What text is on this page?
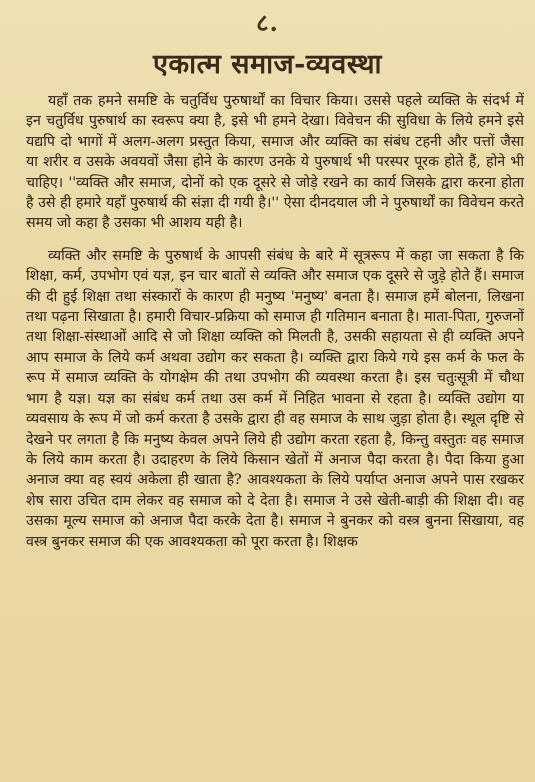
८.
एकात्म समाज-व्यवस्था

यहाँ तक हमने समष्टि के चतुर्विध पुरुषार्थों का विचार किया। उससे पहले व्यक्ति के संदर्भ में इन चतुर्विध पुरुषार्थ का स्वरूप क्या है, इसे भी हमने देखा। विवेचन की सुविधा के लिये हमने इसे यद्यपि दो भागों में अलग-अलग प्रस्तुत किया, समाज और व्यक्ति का संबंध टहनी और पत्तों जैसा या शरीर व उसके अवयवों जैसा होने के कारण उनके ये पुरुषार्थ भी परस्पर पूरक होते हैं, होने भी चाहिए। ''व्यक्ति और समाज, दोनों को एक दूसरे से जोड़े रखने का कार्य जिसके द्वारा करना होता है उसे ही हमारे यहाँ पुरुषार्थ की संज्ञा दी गयी है।'' ऐसा दीनदयाल जी ने पुरुषार्थों का विवेचन करते समय जो कहा है उसका भी आशय यही है।

व्यक्ति और समष्टि के पुरुषार्थ के आपसी संबंध के बारे में सूत्ररूप में कहा जा सकता है कि शिक्षा, कर्म, उपभोग एवं यज्ञ, इन चार बातों से व्यक्ति और समाज एक दूसरे से जुड़े होते हैं। समाज की दी हुई शिक्षा तथा संस्कारों के कारण ही मनुष्य 'मनुष्य' बनता है। समाज हमें बोलना, लिखना तथा पढ़ना सिखाता है। हमारी विचार-प्रक्रिया को समाज ही गतिमान बनाता है। माता-पिता, गुरुजनों तथा शिक्षा-संस्थाओं आदि से जो शिक्षा व्यक्ति को मिलती है, उसकी सहायता से ही व्यक्ति अपने आप समाज के लिये कर्म अथवा उद्योग कर सकता है। व्यक्ति द्वारा किये गये इस कर्म के फल के रूप में समाज व्यक्ति के योगक्षेम की तथा उपभोग की व्यवस्था करता है। इस चतुःसूत्री में चौथा भाग है यज्ञ। यज्ञ का संबंध कर्म तथा उस कर्म में निहित भावना से रहता है। व्यक्ति उद्योग या व्यवसाय के रूप में जो कर्म करता है उसके द्वारा ही वह समाज के साथ जुड़ा होता है। स्थूल दृष्टि से देखने पर लगता है कि मनुष्य केवल अपने लिये ही उद्योग करता रहता है, किन्तु वस्तुतः वह समाज के लिये काम करता है। उदाहरण के लिये किसान खेतों में अनाज पैदा करता है। पैदा किया हुआ अनाज क्या वह स्वयं अकेला ही खाता है? आवश्यकता के लिये पर्याप्त अनाज अपने पास रखकर शेष सारा उचित दाम लेकर वह समाज को दे देता है। समाज ने उसे खेती-बाड़ी की शिक्षा दी। वह उसका मूल्य समाज को अनाज पैदा करके देता है। समाज ने बुनकर को वस्त्र बुनना सिखाया, वह वस्त्र बुनकर समाज की एक आवश्यकता को पूरा करता है। शिक्षक
